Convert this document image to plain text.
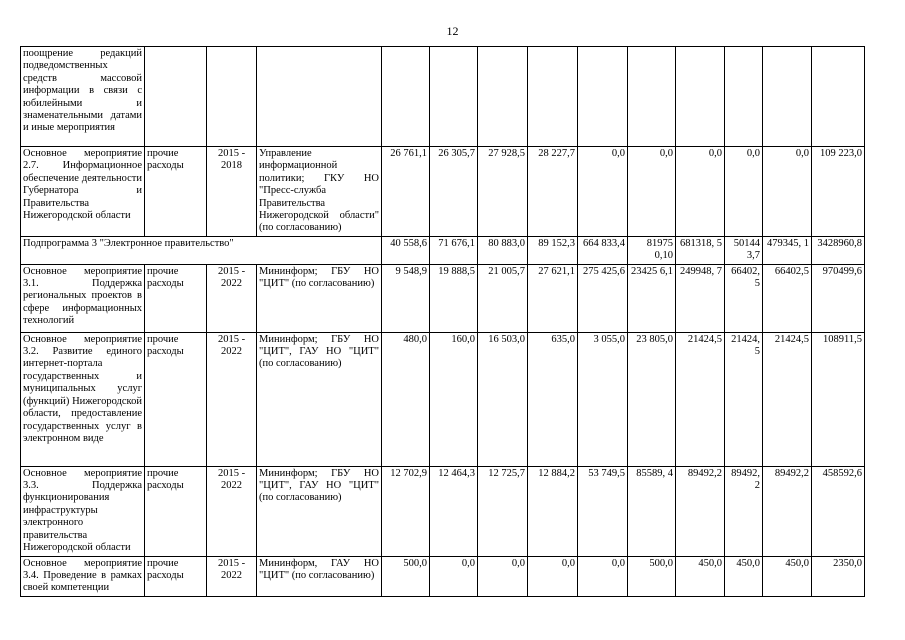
12
поощрение редакций подведомственных средств массовой информации в связи с юбилейными и знаменательными датами и иные мероприятия														
Основное мероприятие 2.7. Информационное обеспечение деятельности Губернатора и Правительства Нижегородской области	прочие расходы	2015 - 2018	Управление информационной политики; ГКУ НО "Пресс-служба Правительства Нижегородской области" (по согласованию)	26 761,1	26 305,7	27 928,5	28 227,7	0,0	0,0	0,0	0,0	0,0	109 223,0	
Подпрограмма 3 "Электронное правительство"				40 558,6	71 676,1	80 883,0	89 152,3	664 833,4	81975 0,10	681318, 5	50144 3,7	479345, 1	3428960,8	
Основное мероприятие 3.1. Поддержка региональных проектов в сфере информационных технологий	прочие расходы	2015 - 2022	Мининформ; ГБУ НО "ЦИТ" (по согласованию)	9 548,9	19 888,5	21 005,7	27 621,1	275 425,6	23425 6,1	249948, 7	66402, 5	66402,5	970499,6	
Основное мероприятие 3.2. Развитие единого интернет-портала государственных и муниципальных услуг (функций) Нижегородской области, предоставление государственных услуг в электронном виде	прочие расходы	2015 - 2022	Мининформ; ГБУ НО "ЦИТ", ГАУ НО "ЦИТ" (по согласованию)	480,0	160,0	16 503,0	635,0	3 055,0	23 805,0	21424,5	21424, 5	21424,5	108911,5	
Основное мероприятие 3.3. Поддержка функционирования инфраструктуры электронного правительства Нижегородской области	прочие расходы	2015 - 2022	Мининформ; ГБУ НО "ЦИТ", ГАУ НО "ЦИТ" (по согласованию)	12 702,9	12 464,3	12 725,7	12 884,2	53 749,5	85589, 4	89492,2	89492, 2	89492,2	458592,6	
Основное мероприятие 3.4. Проведение в рамках своей компетенции	прочие расходы	2015 - 2022	Мининформ, ГАУ НО "ЦИТ" (по согласованию)	500,0	0,0	0,0	0,0	0,0	500,0	450,0	450,0	450,0	2350,0	
